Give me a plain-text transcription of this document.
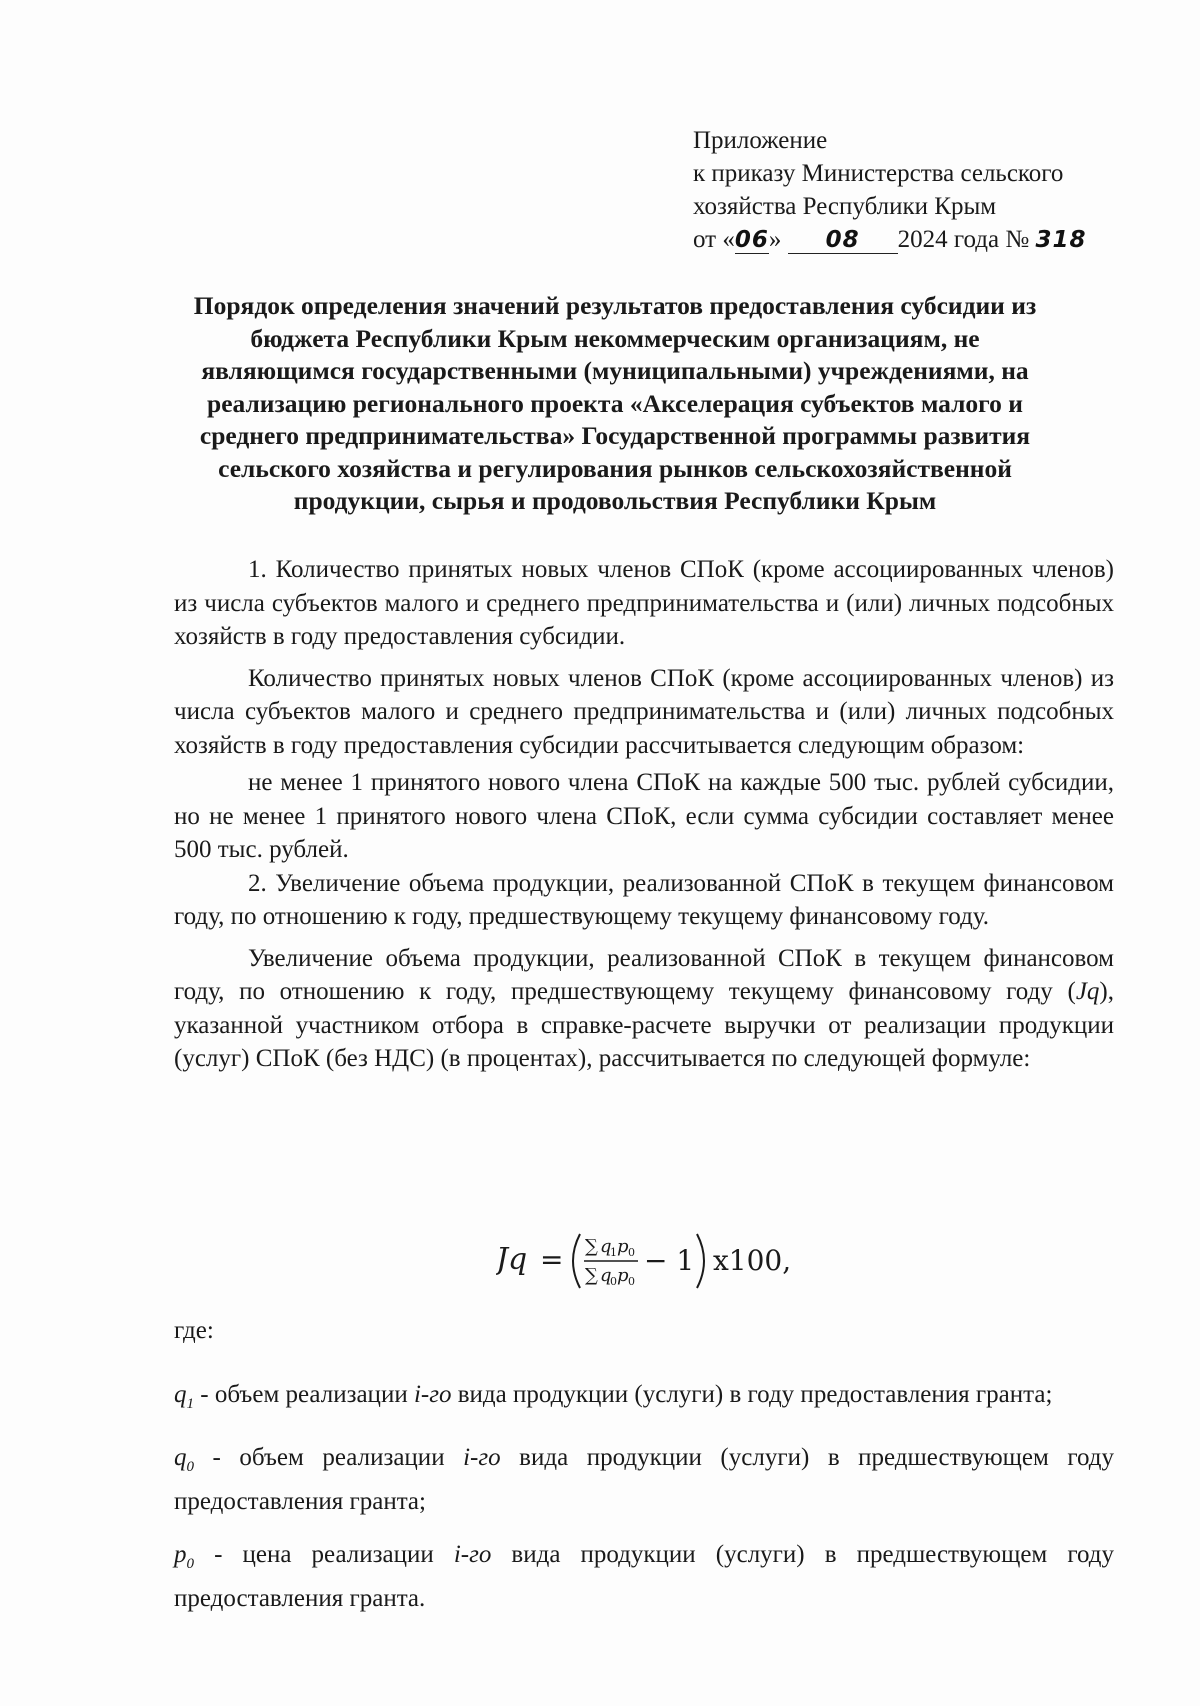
Приложение
к приказу Министерства сельского
хозяйства Республики Крым
от «06» 08 2024 года № 318
Порядок определения значений результатов предоставления субсидии из
бюджета Республики Крым некоммерческим организациям, не
являющимся государственными (муниципальными) учреждениями, на
реализацию регионального проекта «Акселерация субъектов малого и
среднего предпринимательства» Государственной программы развития
сельского хозяйства и регулирования рынков сельскохозяйственной
продукции, сырья и продовольствия Республики Крым

1. Количество принятых новых членов СПоК (кроме ассоциированных членов) из числа субъектов малого и среднего предпринимательства и (или) личных подсобных хозяйств в году предоставления субсидии.

Количество принятых новых членов СПоК (кроме ассоциированных членов) из числа субъектов малого и среднего предпринимательства и (или) личных подсобных хозяйств в году предоставления субсидии рассчитывается следующим образом:

не менее 1 принятого нового члена СПоК на каждые 500 тыс. рублей субсидии, но не менее 1 принятого нового члена СПоК, если сумма субсидии составляет менее 500 тыс. рублей.

2. Увеличение объема продукции, реализованной СПоК в текущем финансовом году, по отношению к году, предшествующему текущему финансовому году.

Увеличение объема продукции, реализованной СПоК в текущем финансовом году, по отношению к году, предшествующему текущему финансовому году (Jq), указанной участником отбора в справке-расчете выручки от реализации продукции (услуг) СПоК (без НДС) (в процентах), рассчитывается по следующей формуле:

Jq = ∑ q
1 p 0
∑ q
0 p 0
− 1 x100,

где:

$q_1$ - объем реализации i-го вида продукции (услуги) в году предоставления гранта;

$q_0$ - объем реализации i-го вида продукции (услуги) в предшествующем году предоставления гранта;

$p_0$ - цена реализации i-го вида продукции (услуги) в предшествующем году предоставления гранта.
